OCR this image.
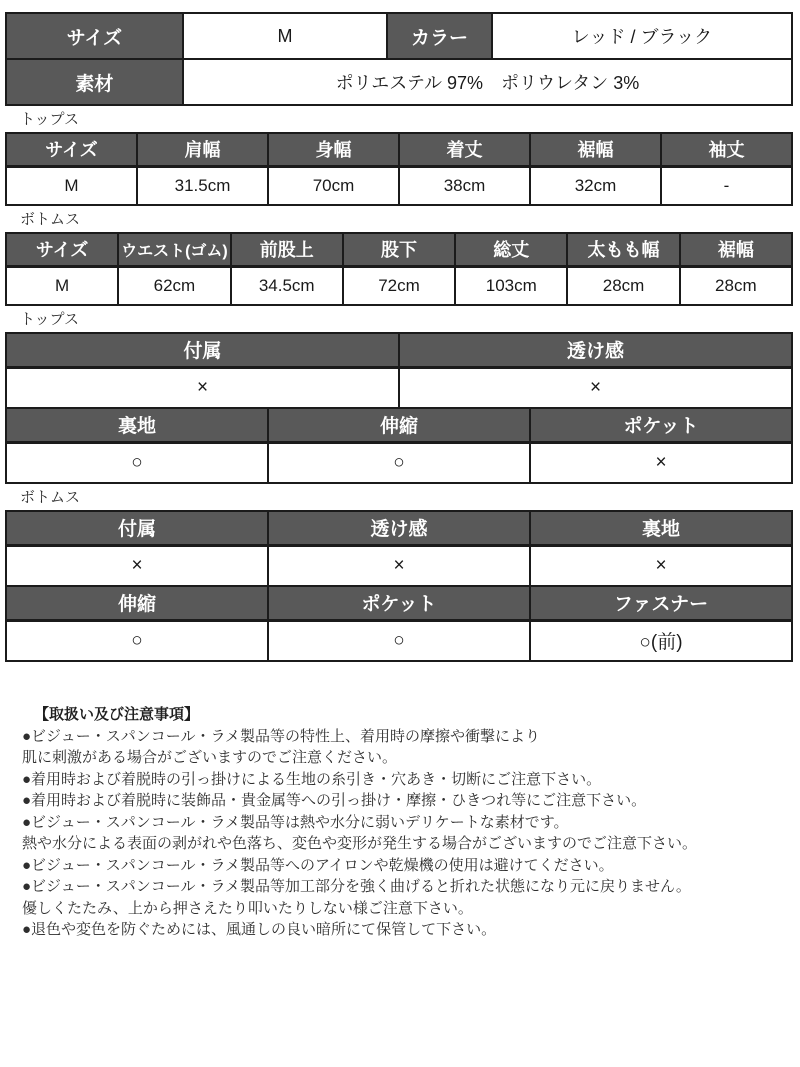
サイズ	M	カラー	レッド / ブラック
素材	ポリエステル 97%　ポリウレタン 3%		
トップス
サイズ	肩幅	身幅	着丈	裾幅	袖丈
M	31.5cm	70cm	38cm	32cm	-
ボトムス
サイズ	ウエスト(ゴム)	前股上	股下	総丈	太もも幅	裾幅
M	62cm	34.5cm	72cm	103cm	28cm	28cm
トップス
付属		透け感	
×		×	
裏地	伸縮		ポケット
○	○		×
ボトムス
付属	透け感	裏地
×	×	×
伸縮	ポケット	ファスナー
○	○	○(前)
【取扱い及び注意事項】
●ビジュー・スパンコール・ラメ製品等の特性上、着用時の摩擦や衝撃により
肌に刺激がある場合がございますのでご注意ください。
●着用時および着脱時の引っ掛けによる生地の糸引き・穴あき・切断にご注意下さい。
●着用時および着脱時に装飾品・貴金属等への引っ掛け・摩擦・ひきつれ等にご注意下さい。
●ビジュー・スパンコール・ラメ製品等は熱や水分に弱いデリケートな素材です。
熱や水分による表面の剥がれや色落ち、変色や変形が発生する場合がございますのでご注意下さい。
●ビジュー・スパンコール・ラメ製品等へのアイロンや乾燥機の使用は避けてください。
●ビジュー・スパンコール・ラメ製品等加工部分を強く曲げると折れた状態になり元に戻りません。
優しくたたみ、上から押さえたり叩いたりしない様ご注意下さい。
●退色や変色を防ぐためには、風通しの良い暗所にて保管して下さい。
